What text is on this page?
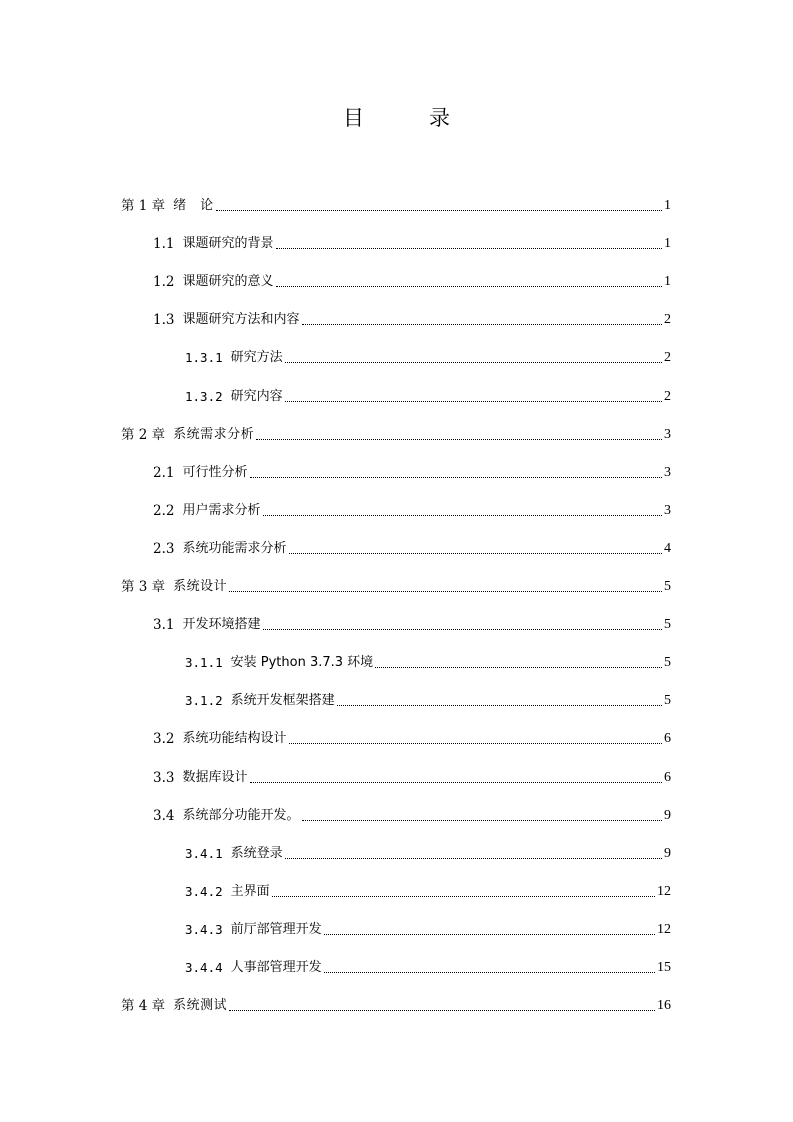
目　录
第 1 章 绪　论	1
1.1 课题研究的背景	1
1.2 课题研究的意义	1
1.3 课题研究方法和内容	2
1.3.1 研究方法	2
1.3.2 研究内容	2
第 2 章 系统需求分析	3
2.1 可行性分析	3
2.2 用户需求分析	3
2.3 系统功能需求分析	4
第 3 章 系统设计	5
3.1 开发环境搭建	5
3.1.1 安装 Python 3.7.3 环境	5
3.1.2 系统开发框架搭建	5
3.2 系统功能结构设计	6
3.3 数据库设计	6
3.4 系统部分功能开发。	9
3.4.1 系统登录	9
3.4.2 主界面	12
3.4.3 前厅部管理开发	12
3.4.4 人事部管理开发	15
第 4 章 系统测试	16
